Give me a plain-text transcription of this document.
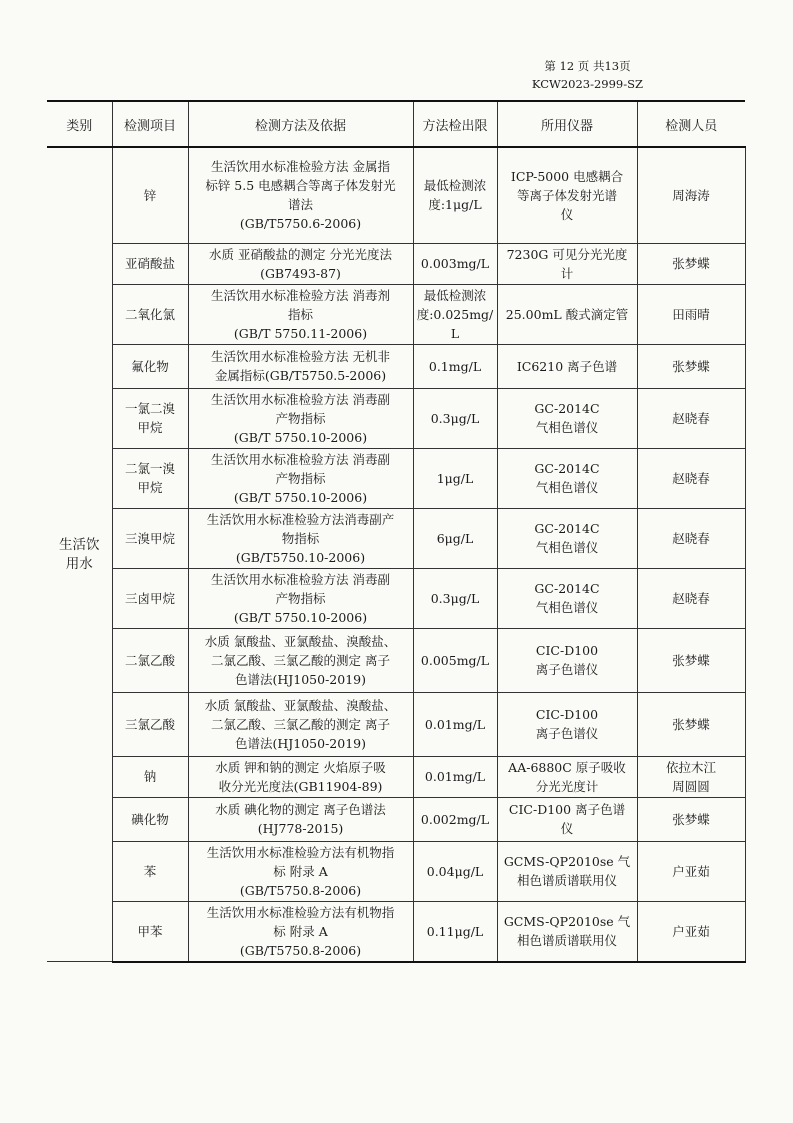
第 12 页 共13页
KCW2023-2999-SZ
类别	检测项目	检测方法及依据	方法检出限	所用仪器	检测人员
生活饮
用水	锌	生活饮用水标准检验方法 金属指
标锌 5.5 电感耦合等离子体发射光
谱法
(GB/T5750.6-2006)	最低检测浓
度:1μg/L	ICP-5000 电感耦合
等离子体发射光谱
仪	周海涛
	亚硝酸盐	水质 亚硝酸盐的测定 分光光度法
(GB7493-87)	0.003mg/L	7230G 可见分光光度
计	张梦蝶
	二氧化氯	生活饮用水标准检验方法 消毒剂
指标
(GB/T 5750.11-2006)	最低检测浓
度:0.025mg/
L	25.00mL 酸式滴定管	田雨晴
	氟化物	生活饮用水标准检验方法 无机非
金属指标(GB/T5750.5-2006)	0.1mg/L	IC6210 离子色谱	张梦蝶
	一氯二溴
甲烷	生活饮用水标准检验方法 消毒副
产物指标
(GB/T 5750.10-2006)	0.3μg/L	GC-2014C
气相色谱仪	赵晓春
	二氯一溴
甲烷	生活饮用水标准检验方法 消毒副
产物指标
(GB/T 5750.10-2006)	1μg/L	GC-2014C
气相色谱仪	赵晓春
	三溴甲烷	生活饮用水标准检验方法消毒副产
物指标
(GB/T5750.10-2006)	6μg/L	GC-2014C
气相色谱仪	赵晓春
	三卤甲烷	生活饮用水标准检验方法 消毒副
产物指标
(GB/T 5750.10-2006)	0.3μg/L	GC-2014C
气相色谱仪	赵晓春
	二氯乙酸	水质 氯酸盐、亚氯酸盐、溴酸盐、
二氯乙酸、三氯乙酸的测定 离子
色谱法(HJ1050-2019)	0.005mg/L	CIC-D100
离子色谱仪	张梦蝶
	三氯乙酸	水质 氯酸盐、亚氯酸盐、溴酸盐、
二氯乙酸、三氯乙酸的测定 离子
色谱法(HJ1050-2019)	0.01mg/L	CIC-D100
离子色谱仪	张梦蝶
	钠	水质 钾和钠的测定 火焰原子吸
收分光光度法(GB11904-89)	0.01mg/L	AA-6880C 原子吸收
分光光度计	依拉木江
周圆圆
	碘化物	水质 碘化物的测定 离子色谱法
(HJ778-2015)	0.002mg/L	CIC-D100 离子色谱
仪	张梦蝶
	苯	生活饮用水标准检验方法有机物指
标 附录 A
(GB/T5750.8-2006)	0.04μg/L	GCMS-QP2010se 气
相色谱质谱联用仪	户亚茹
	甲苯	生活饮用水标准检验方法有机物指
标 附录 A
(GB/T5750.8-2006)	0.11μg/L	GCMS-QP2010se 气
相色谱质谱联用仪	户亚茹
